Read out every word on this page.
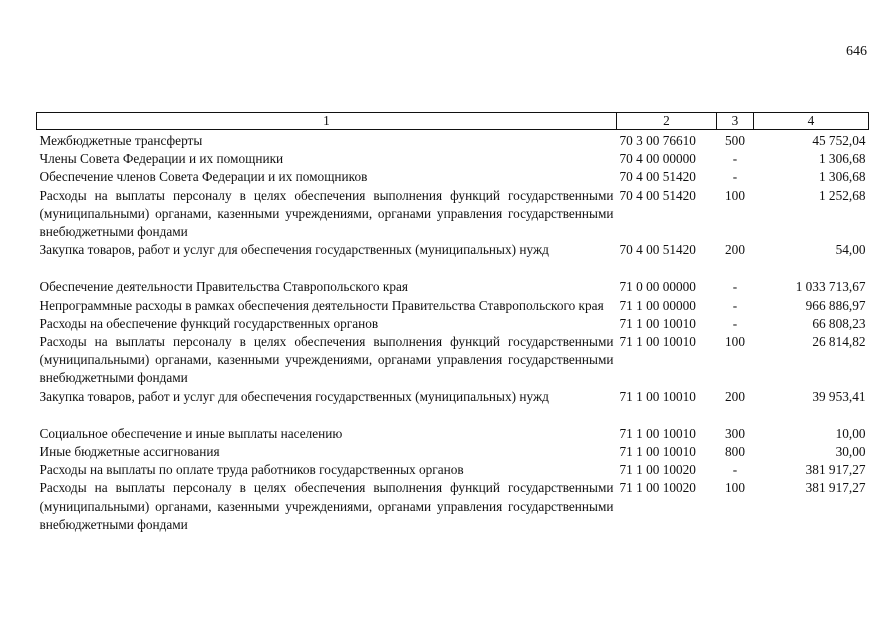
646
1	2	3	4
Межбюджетные трансферты	70 3 00 76610	500	45 752,04
Члены Совета Федерации и их помощники	70 4 00 00000	-	1 306,68
Обеспечение членов Совета Федерации и их помощников	70 4 00 51420	-	1 306,68
Расходы на выплаты персоналу в целях обеспечения выполнения функций государственными (муниципальными) органами, казенными учреждениями, органами управления государственными внебюджетными фондами	70 4 00 51420	100	1 252,68
Закупка товаров, работ и услуг для обеспечения государственных (муниципальных) нужд	70 4 00 51420	200	54,00
Обеспечение деятельности Правительства Ставропольского края	71 0 00 00000	-	1 033 713,67
Непрограммные расходы в рамках обеспечения деятельности Правительства Ставропольского края	71 1 00 00000	-	966 886,97
Расходы на обеспечение функций государственных органов	71 1 00 10010	-	66 808,23
Расходы на выплаты персоналу в целях обеспечения выполнения функций государственными (муниципальными) органами, казенными учреждениями, органами управления государственными внебюджетными фондами	71 1 00 10010	100	26 814,82
Закупка товаров, работ и услуг для обеспечения государственных (муниципальных) нужд	71 1 00 10010	200	39 953,41
Социальное обеспечение и иные выплаты населению	71 1 00 10010	300	10,00
Иные бюджетные ассигнования	71 1 00 10010	800	30,00
Расходы на выплаты по оплате труда работников государственных органов	71 1 00 10020	-	381 917,27
Расходы на выплаты персоналу в целях обеспечения выполнения функций государственными (муниципальными) органами, казенными учреждениями, органами управления государственными внебюджетными фондами	71 1 00 10020	100	381 917,27
